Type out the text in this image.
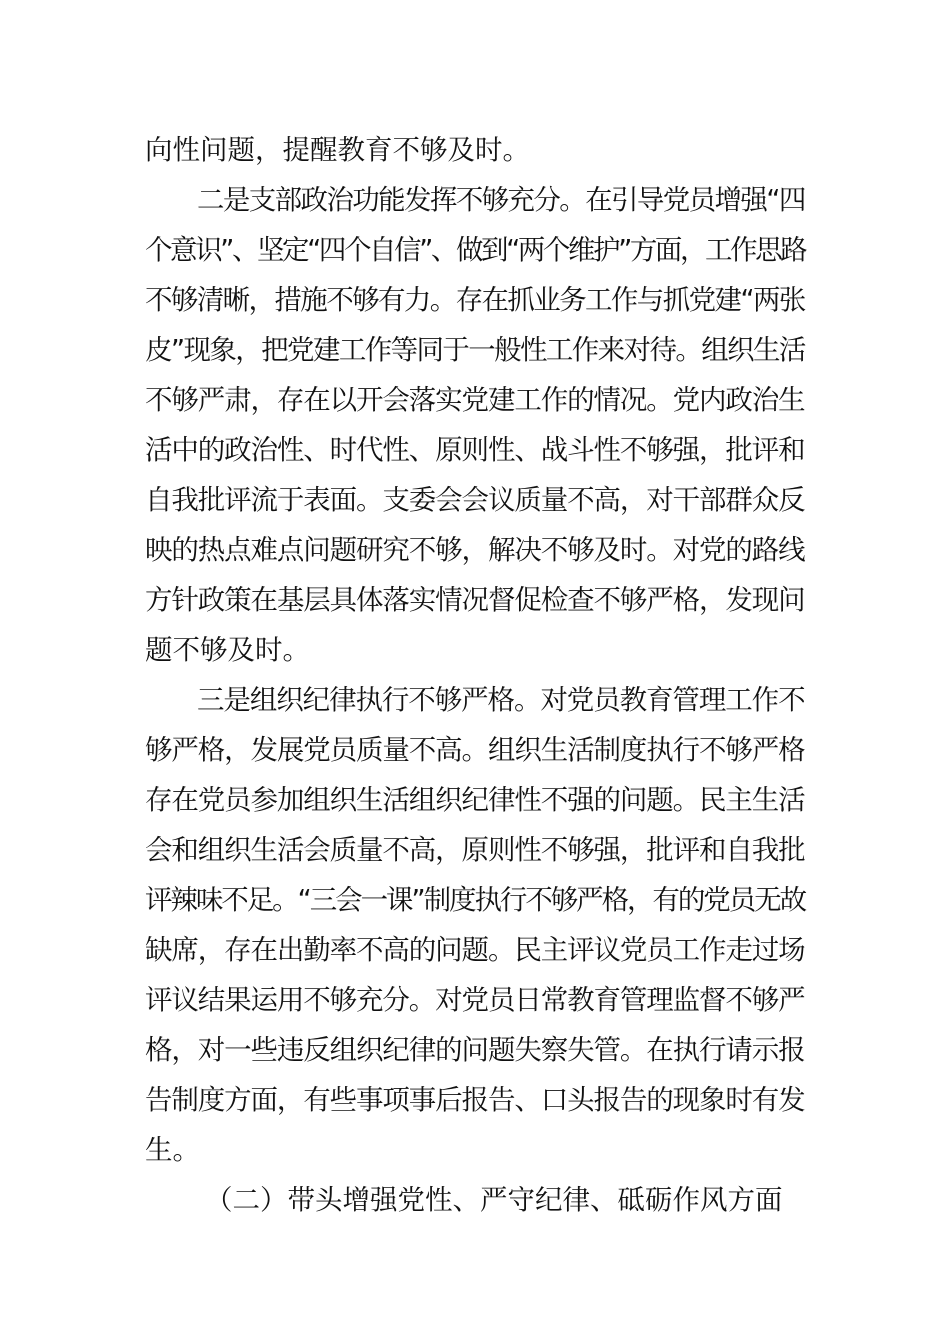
向性问题，提醒教育不够及时。
二是支部政治功能发挥不够充分。在引导党员增强“四
个意识”、坚定“四个自信”、做到“两个维护”方面，工作思路
不够清晰，措施不够有力。存在抓业务工作与抓党建“两张
皮”现象，把党建工作等同于一般性工作来对待。组织生活
不够严肃，存在以开会落实党建工作的情况。党内政治生
活中的政治性、时代性、原则性、战斗性不够强，批评和
自我批评流于表面。支委会会议质量不高，对干部群众反
映的热点难点问题研究不够，解决不够及时。对党的路线
方针政策在基层具体落实情况督促检查不够严格，发现问
题不够及时。
三是组织纪律执行不够严格。对党员教育管理工作不
够严格，发展党员质量不高。组织生活制度执行不够严格
存在党员参加组织生活组织纪律性不强的问题。民主生活
会和组织生活会质量不高，原则性不够强，批评和自我批
评辣味不足。“三会一课”制度执行不够严格，有的党员无故
缺席，存在出勤率不高的问题。民主评议党员工作走过场
评议结果运用不够充分。对党员日常教育管理监督不够严
格，对一些违反组织纪律的问题失察失管。在执行请示报
告制度方面，有些事项事后报告、口头报告的现象时有发
生。
（二）带头增强党性、严守纪律、砥砺作风方面
